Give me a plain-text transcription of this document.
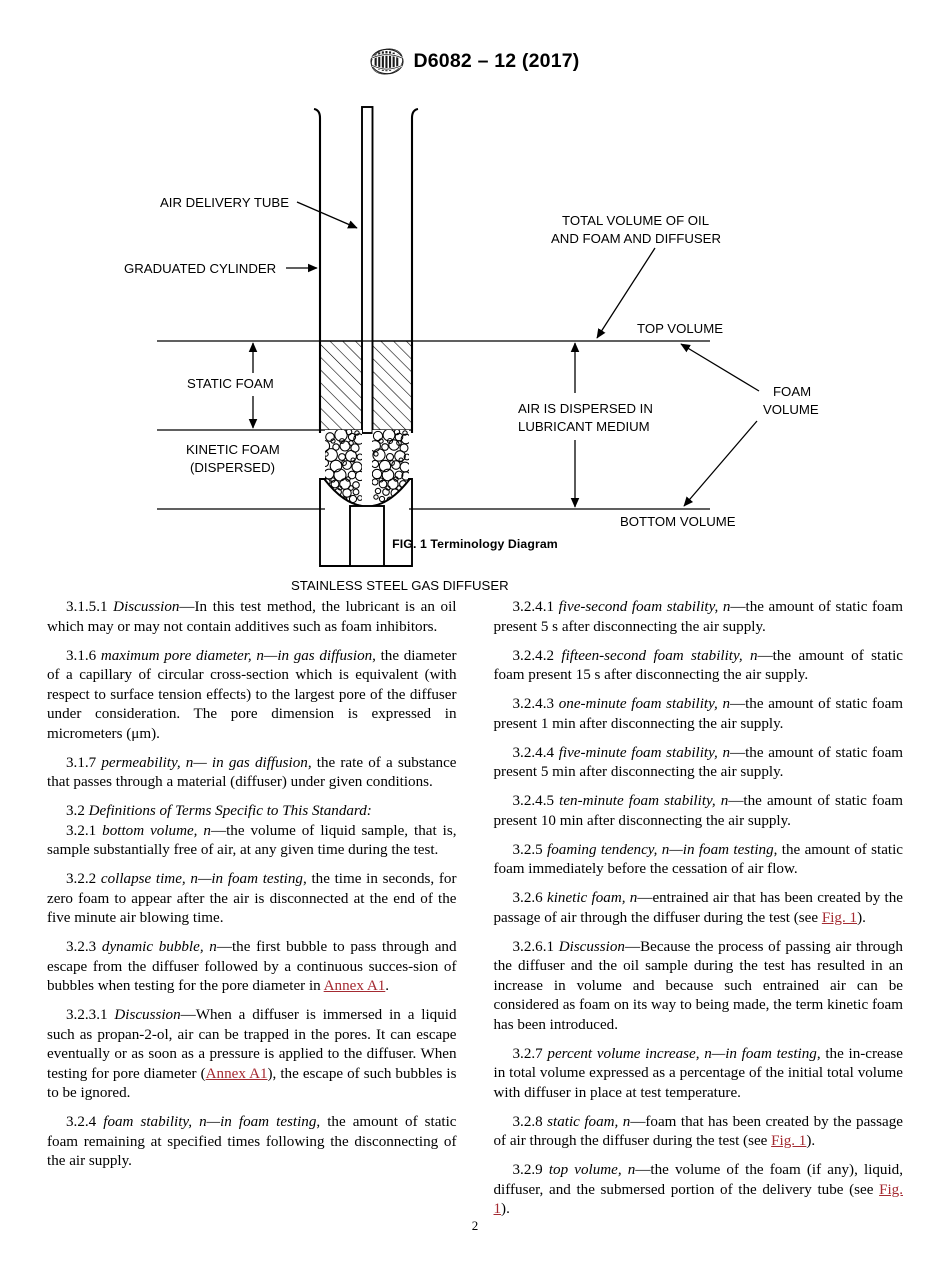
D6082 – 12 (2017)
AIR DELIVERY TUBE
GRADUATED CYLINDER
STATIC FOAM
KINETIC FOAM
(DISPERSED)
TOTAL VOLUME OF OIL
AND FOAM AND DIFFUSER
TOP VOLUME
AIR IS DISPERSED IN
LUBRICANT MEDIUM
FOAM
VOLUME
BOTTOM VOLUME
STAINLESS STEEL GAS DIFFUSER
FIG. 1 Terminology Diagram

3.1.5.1 Discussion—In this test method, the lubricant is an oil which may or may not contain additives such as foam inhibitors.

3.1.6 maximum pore diameter, n—in gas diffusion, the diameter of a capillary of circular cross-section which is equivalent (with respect to surface tension effects) to the largest pore of the diffuser under consideration. The pore dimension is expressed in micrometers (μm).

3.1.7 permeability, n— in gas diffusion, the rate of a substance that passes through a material (diffuser) under given conditions.

3.2 Definitions of Terms Specific to This Standard:

3.2.1 bottom volume, n—the volume of liquid sample, that is, sample substantially free of air, at any given time during the test.

3.2.2 collapse time, n—in foam testing, the time in seconds, for zero foam to appear after the air is disconnected at the end of the five minute air blowing time.

3.2.3 dynamic bubble, n—the first bubble to pass through and escape from the diffuser followed by a continuous succes-sion of bubbles when testing for the pore diameter in Annex A1.

3.2.3.1 Discussion—When a diffuser is immersed in a liquid such as propan-2-ol, air can be trapped in the pores. It can escape eventually or as soon as a pressure is applied to the diffuser. When testing for pore diameter (Annex A1), the escape of such bubbles is to be ignored.

3.2.4 foam stability, n—in foam testing, the amount of static foam remaining at specified times following the disconnecting of the air supply.

3.2.4.1 five-second foam stability, n—the amount of static foam present 5 s after disconnecting the air supply.

3.2.4.2 fifteen-second foam stability, n—the amount of static foam present 15 s after disconnecting the air supply.

3.2.4.3 one-minute foam stability, n—the amount of static foam present 1 min after disconnecting the air supply.

3.2.4.4 five-minute foam stability, n—the amount of static foam present 5 min after disconnecting the air supply.

3.2.4.5 ten-minute foam stability, n—the amount of static foam present 10 min after disconnecting the air supply.

3.2.5 foaming tendency, n—in foam testing, the amount of static foam immediately before the cessation of air flow.

3.2.6 kinetic foam, n—entrained air that has been created by the passage of air through the diffuser during the test (see Fig. 1).

3.2.6.1 Discussion—Because the process of passing air through the diffuser and the oil sample during the test has resulted in an increase in volume and because such entrained air can be considered as foam on its way to being made, the term kinetic foam has been introduced.

3.2.7 percent volume increase, n—in foam testing, the in-crease in total volume expressed as a percentage of the initial total volume with diffuser in place at test temperature.

3.2.8 static foam, n—foam that has been created by the passage of air through the diffuser during the test (see Fig. 1).

3.2.9 top volume, n—the volume of the foam (if any), liquid, diffuser, and the submersed portion of the delivery tube (see Fig. 1).

2
